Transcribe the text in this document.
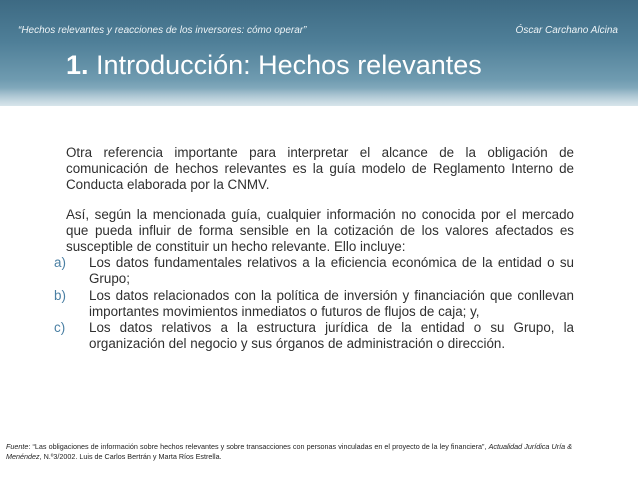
“Hechos relevantes y reacciones de los inversores: cómo operar”	Óscar Carchano Alcina
1. Introducción: Hechos relevantes

Otra referencia importante para interpretar el alcance de la obligación de comunicación de hechos relevantes es la guía modelo de Reglamento Interno de Conducta elaborada por la CNMV.

Así, según la mencionada guía, cualquier información no conocida por el mercado que pueda influir de forma sensible en la cotización de los valores afectados es susceptible de constituir un hecho relevante. Ello incluye:

a)	Los datos fundamentales relativos a la eficiencia económica de la entidad o su Grupo;
b)	Los datos relacionados con la política de inversión y financiación que conllevan importantes movimientos inmediatos o futuros de flujos de caja; y,
c)	Los datos relativos a la estructura jurídica de la entidad o su Grupo, la organización del negocio y sus órganos de administración o dirección.
Fuente: “Las obligaciones de información sobre hechos relevantes y sobre transacciones con personas vinculadas en el proyecto de la ley financiera”, Actualidad Jurídica Uría & Menéndez, N.º3/2002. Luis de Carlos Bertrán y Marta Ríos Estrella.
